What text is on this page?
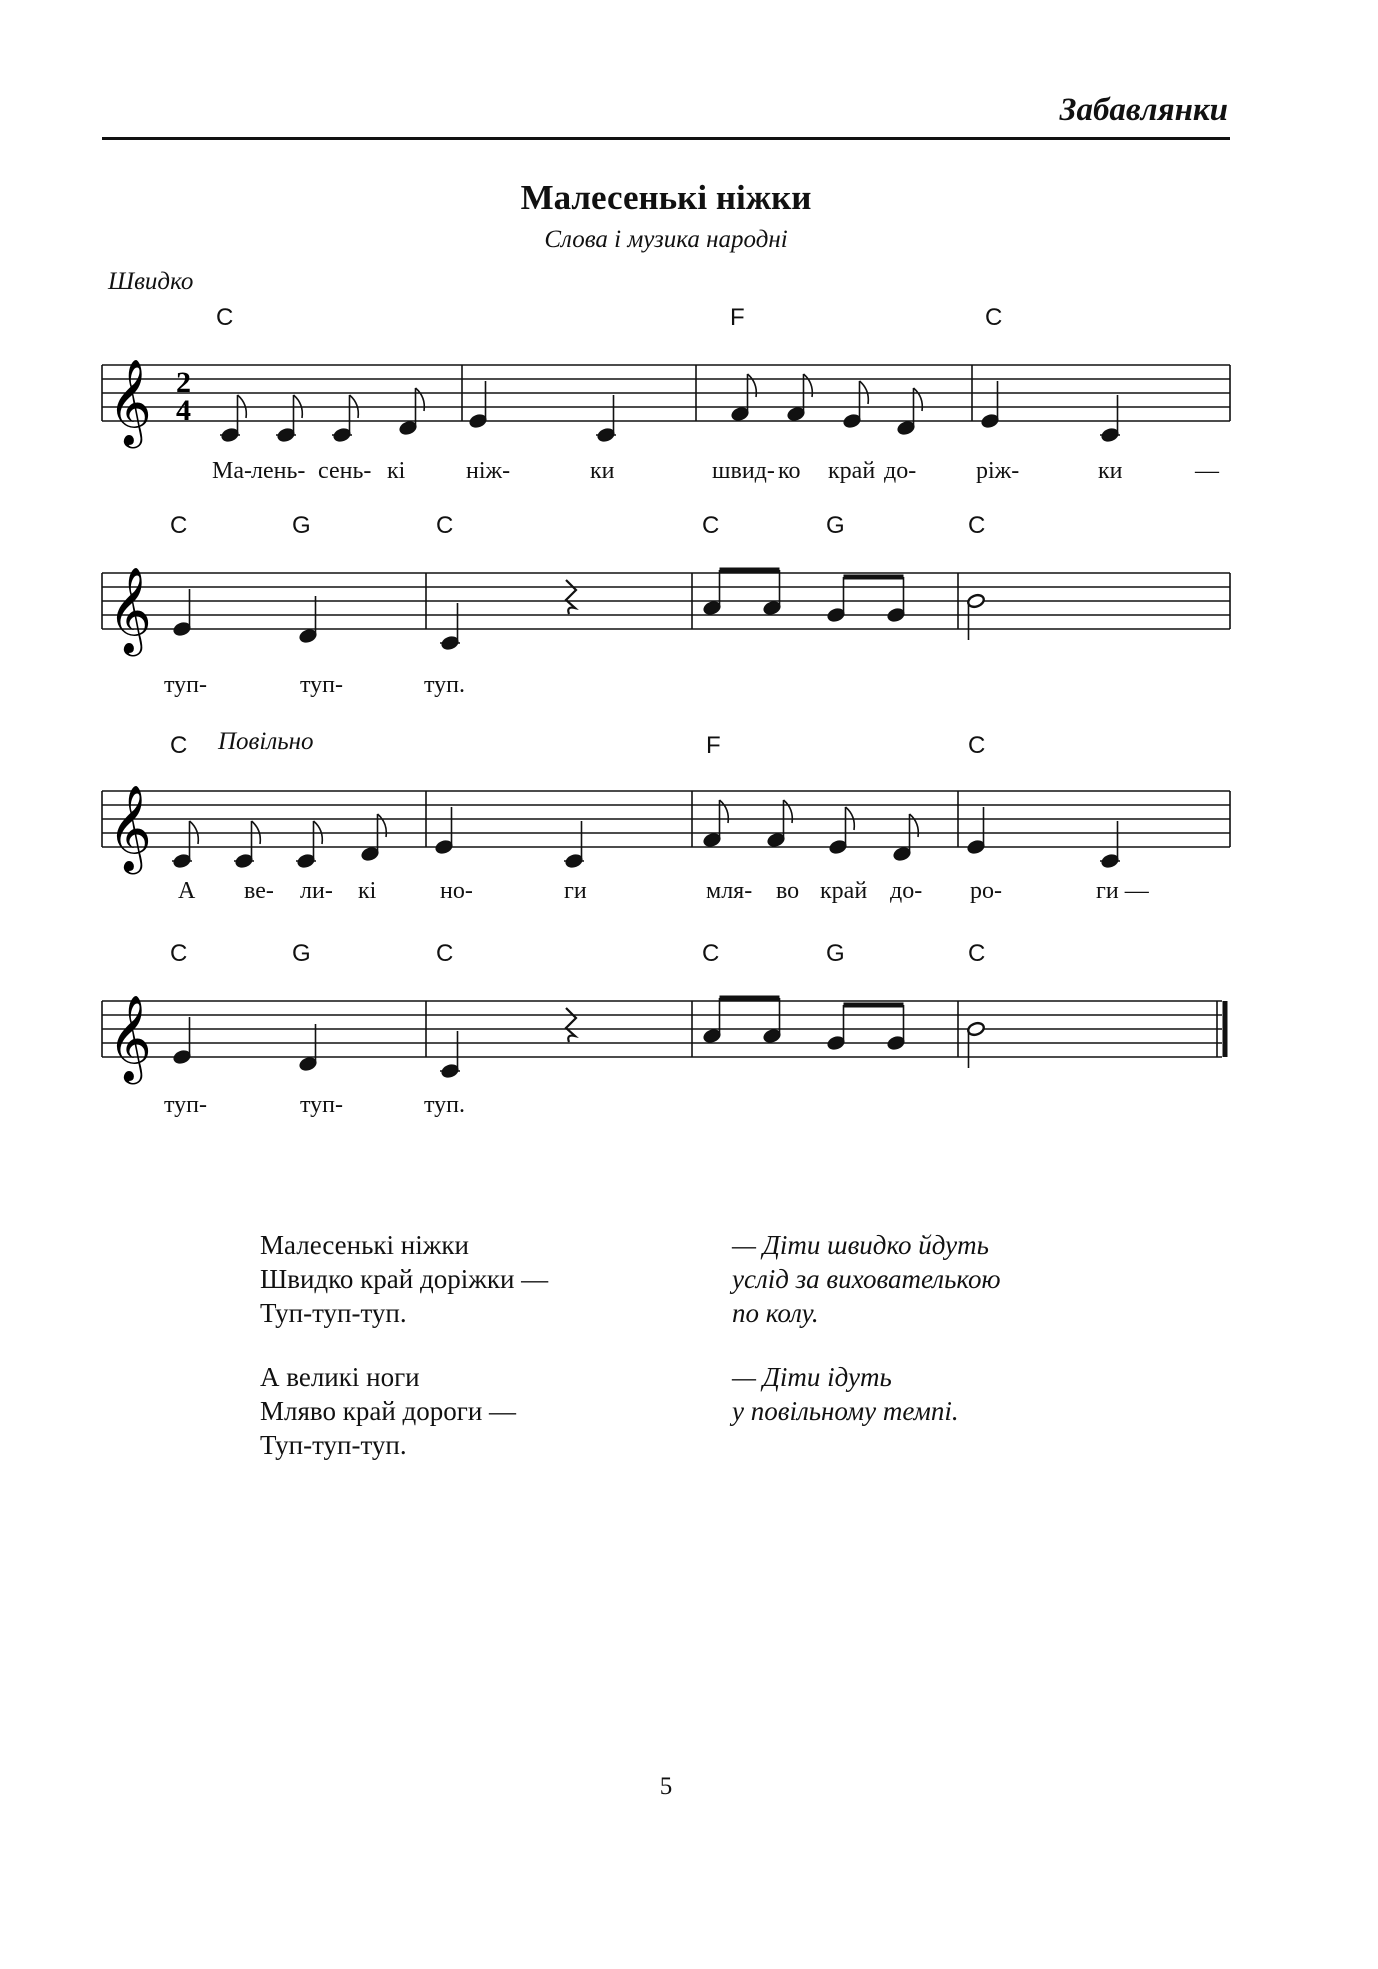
Забавлянки
Малесенькі ніжки
Слова і музика народні
Швидко
C	F	C
𝄞 2
4
Ма- лень- сень- кі	ніж-	ки	швид- ко край до- ріж-	ки	—
C	G	C	C	G	C
𝄞
туп-	туп-	туп.
C Повільно	F	C
𝄞
А ве- ли- кі	но-	ги	мля- во край до- ро-	ги —
C	G	C	C	G	C
𝄞
туп-	туп-	туп.
Малесенькі ніжки
Швидко край доріжки —
Туп-туп-туп.
— Діти швидко йдуть
услід за вихователькою
по колу.
А великі ноги
Мляво край дороги —
Туп-туп-туп.
— Діти ідуть
у повільному темпі.
5
